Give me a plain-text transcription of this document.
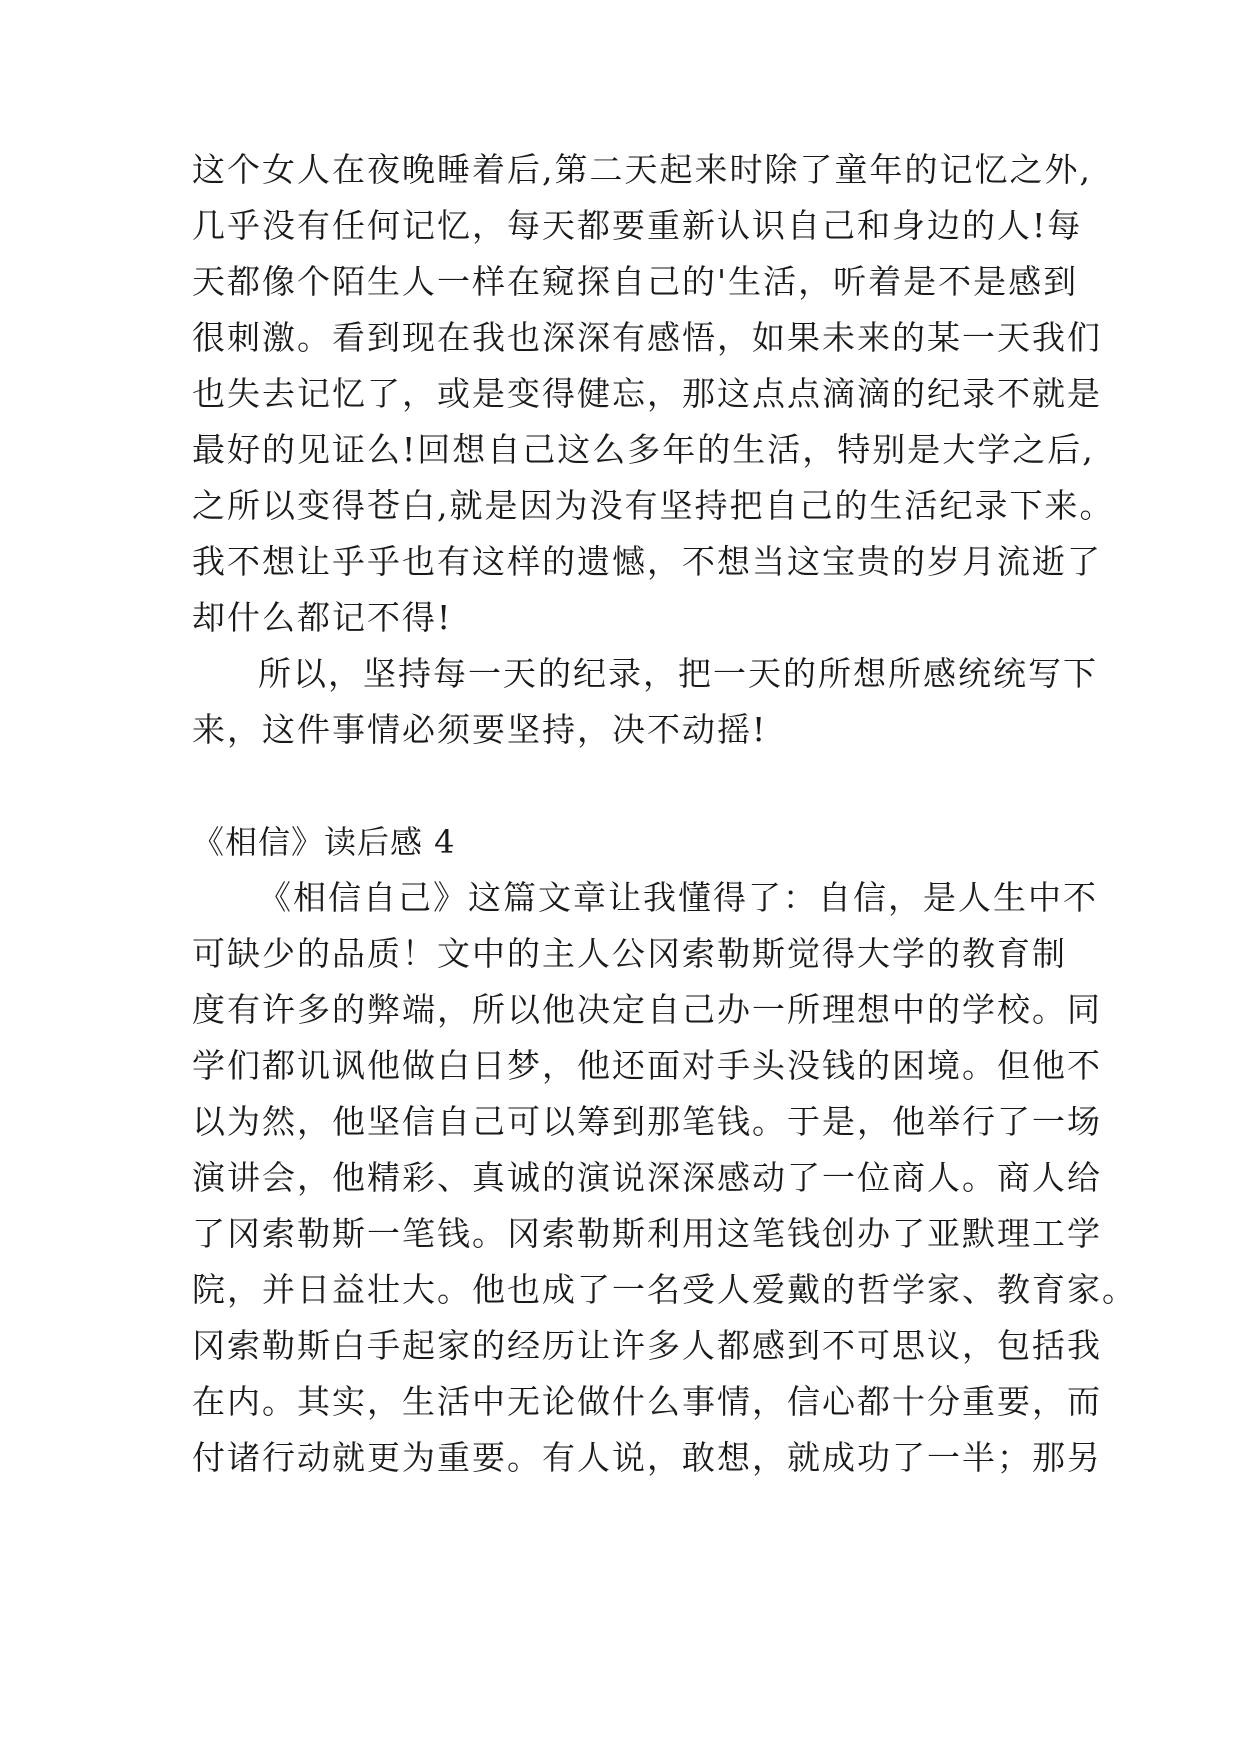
这个女人在夜晚睡着后,第二天起来时除了童年的记忆之外,
几乎没有任何记忆，每天都要重新认识自己和身边的人!每
天都像个陌生人一样在窥探自己的'生活，听着是不是感到
很刺激。看到现在我也深深有感悟，如果未来的某一天我们
也失去记忆了，或是变得健忘，那这点点滴滴的纪录不就是
最好的见证么!回想自己这么多年的生活，特别是大学之后,
之所以变得苍白,就是因为没有坚持把自己的生活纪录下来。
我不想让乎乎也有这样的遗憾，不想当这宝贵的岁月流逝了
却什么都记不得!
所以，坚持每一天的纪录，把一天的所想所感统统写下
来，这件事情必须要坚持，决不动摇!
《相信》读后感 4
《相信自己》这篇文章让我懂得了：自信，是人生中不
可缺少的品质！文中的主人公冈索勒斯觉得大学的教育制
度有许多的弊端，所以他决定自己办一所理想中的学校。同
学们都讥讽他做白日梦，他还面对手头没钱的困境。但他不
以为然，他坚信自己可以筹到那笔钱。于是，他举行了一场
演讲会，他精彩、真诚的演说深深感动了一位商人。商人给
了冈索勒斯一笔钱。冈索勒斯利用这笔钱创办了亚默理工学
院，并日益壮大。他也成了一名受人爱戴的哲学家、教育家。
冈索勒斯白手起家的经历让许多人都感到不可思议，包括我
在内。其实，生活中无论做什么事情，信心都十分重要，而
付诸行动就更为重要。有人说，敢想，就成功了一半；那另
